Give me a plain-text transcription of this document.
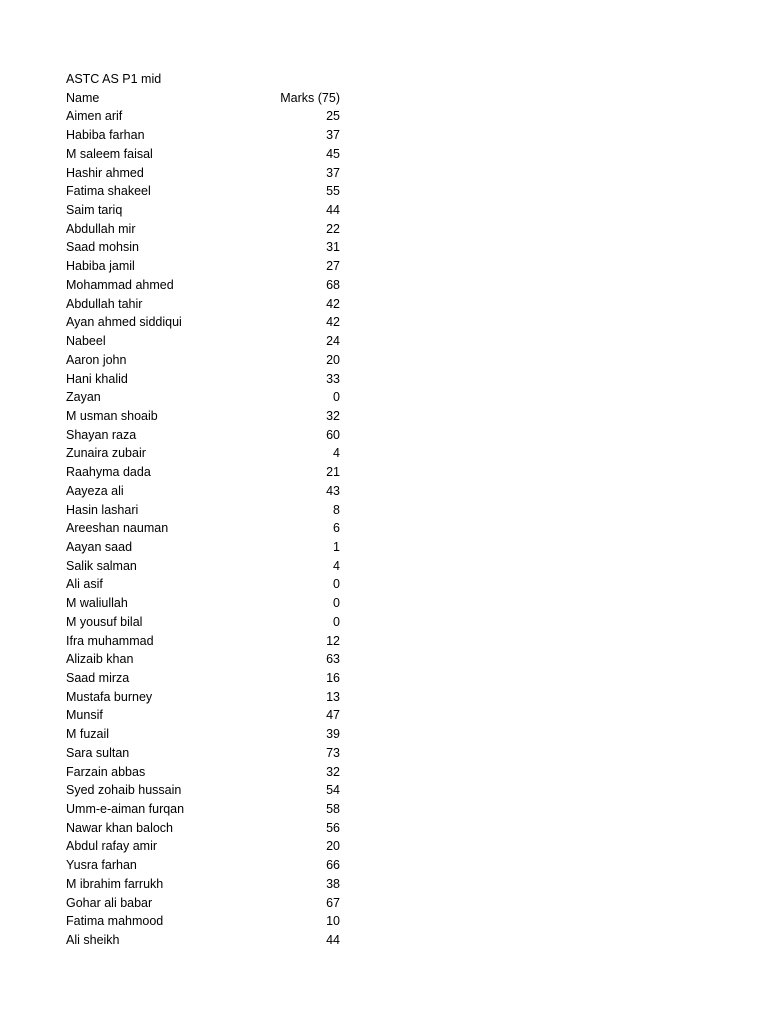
ASTC AS P1 mid
Name	Marks (75)
Aimen arif	25
Habiba farhan	37
M saleem faisal	45
Hashir ahmed	37
Fatima shakeel	55
Saim tariq	44
Abdullah mir	22
Saad mohsin	31
Habiba jamil	27
Mohammad ahmed	68
Abdullah tahir	42
Ayan ahmed siddiqui	42
Nabeel	24
Aaron john	20
Hani khalid	33
Zayan	0
M usman shoaib	32
Shayan raza	60
Zunaira zubair	4
Raahyma dada	21
Aayeza ali	43
Hasin lashari	8
Areeshan nauman	6
Aayan saad	1
Salik salman	4
Ali asif	0
M waliullah	0
M yousuf bilal	0
Ifra muhammad	12
Alizaib khan	63
Saad mirza	16
Mustafa burney	13
Munsif	47
M fuzail	39
Sara sultan	73
Farzain abbas	32
Syed zohaib hussain	54
Umm-e-aiman furqan	58
Nawar khan baloch	56
Abdul rafay amir	20
Yusra farhan	66
M ibrahim farrukh	38
Gohar ali babar	67
Fatima mahmood	10
Ali sheikh	44
